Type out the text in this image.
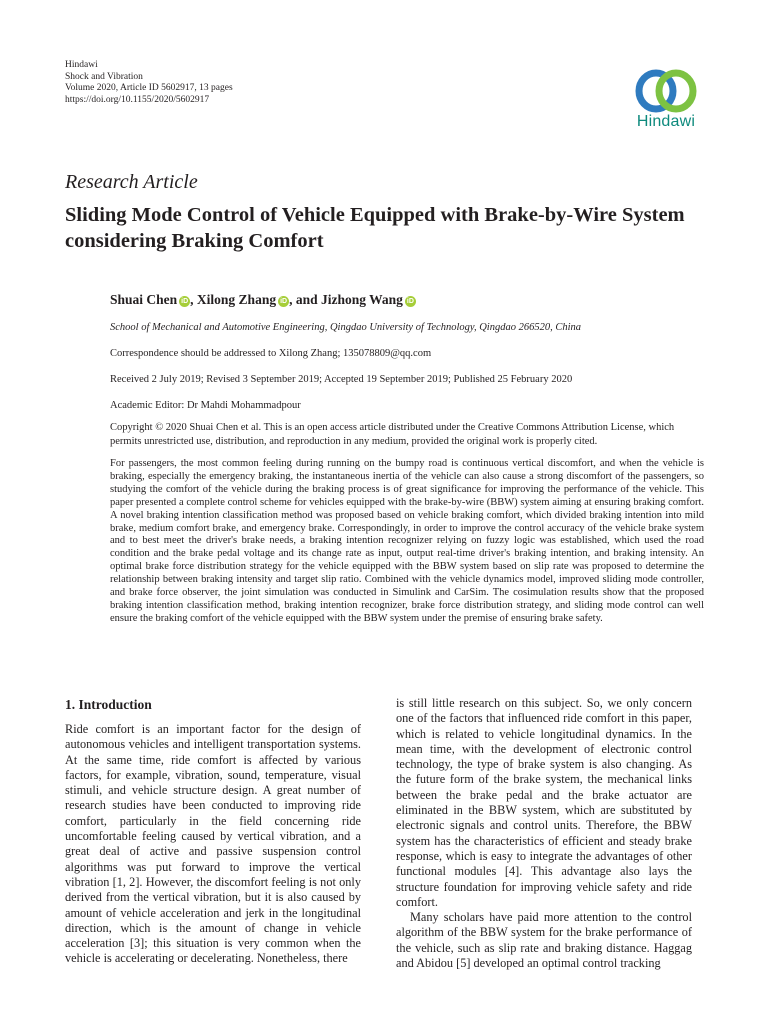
Hindawi
Shock and Vibration
Volume 2020, Article ID 5602917, 13 pages
https://doi.org/10.1155/2020/5602917
Hindawi
Research Article
Sliding Mode Control of Vehicle Equipped with Brake-by-Wire System considering Braking Comfort
Shuai Chen iD , Xilong Zhang iD , and Jizhong Wang iD
School of Mechanical and Automotive Engineering, Qingdao University of Technology, Qingdao 266520, China
Correspondence should be addressed to Xilong Zhang; 135078809@qq.com
Received 2 July 2019; Revised 3 September 2019; Accepted 19 September 2019; Published 25 February 2020
Academic Editor: Dr Mahdi Mohammadpour
Copyright © 2020 Shuai Chen et al. This is an open access article distributed under the Creative Commons Attribution License, which permits unrestricted use, distribution, and reproduction in any medium, provided the original work is properly cited.
For passengers, the most common feeling during running on the bumpy road is continuous vertical discomfort, and when the vehicle is braking, especially the emergency braking, the instantaneous inertia of the vehicle can also cause a strong discomfort of the passengers, so studying the comfort of the vehicle during the braking process is of great significance for improving the performance of the vehicle. This paper presented a complete control scheme for vehicles equipped with the brake-by-wire (BBW) system aiming at ensuring braking comfort. A novel braking intention classification method was proposed based on vehicle braking comfort, which divided braking intention into mild brake, medium comfort brake, and emergency brake. Correspondingly, in order to improve the control accuracy of the vehicle brake system and to best meet the driver's brake needs, a braking intention recognizer relying on fuzzy logic was established, which used the road condition and the brake pedal voltage and its change rate as input, output real-time driver's braking intention, and braking intensity. An optimal brake force distribution strategy for the vehicle equipped with the BBW system based on slip rate was proposed to determine the relationship between braking intensity and target slip ratio. Combined with the vehicle dynamics model, improved sliding mode controller, and brake force observer, the joint simulation was conducted in Simulink and CarSim. The cosimulation results show that the proposed braking intention classification method, braking intention recognizer, brake force distribution strategy, and sliding mode control can well ensure the braking comfort of the vehicle equipped with the BBW system under the premise of ensuring brake safety.
1. Introduction

Ride comfort is an important factor for the design of autonomous vehicles and intelligent transportation systems. At the same time, ride comfort is affected by various factors, for example, vibration, sound, temperature, visual stimuli, and vehicle structure design. A great number of research studies have been conducted to improving ride comfort, particularly in the field concerning ride uncomfortable feeling caused by vertical vibration, and a great deal of active and passive suspension control algorithms was put forward to improve the vertical vibration [1, 2]. However, the discomfort feeling is not only derived from the vertical vibration, but it is also caused by amount of vehicle acceleration and jerk in the longitudinal direction, which is the amount of change in vehicle acceleration [3]; this situation is very common when the vehicle is accelerating or decelerating. Nonetheless, there

is still little research on this subject. So, we only concern one of the factors that influenced ride comfort in this paper, which is related to vehicle longitudinal dynamics. In the mean time, with the development of electronic control technology, the type of brake system is also changing. As the future form of the brake system, the mechanical links between the brake pedal and the brake actuator are eliminated in the BBW system, which are substituted by electronic signals and control units. Therefore, the BBW system has the characteristics of efficient and steady brake response, which is easy to integrate the advantages of other functional modules [4]. This advantage also lays the structure foundation for improving vehicle safety and ride comfort.

Many scholars have paid more attention to the control algorithm of the BBW system for the brake performance of the vehicle, such as slip rate and braking distance. Haggag and Abidou [5] developed an optimal control tracking
